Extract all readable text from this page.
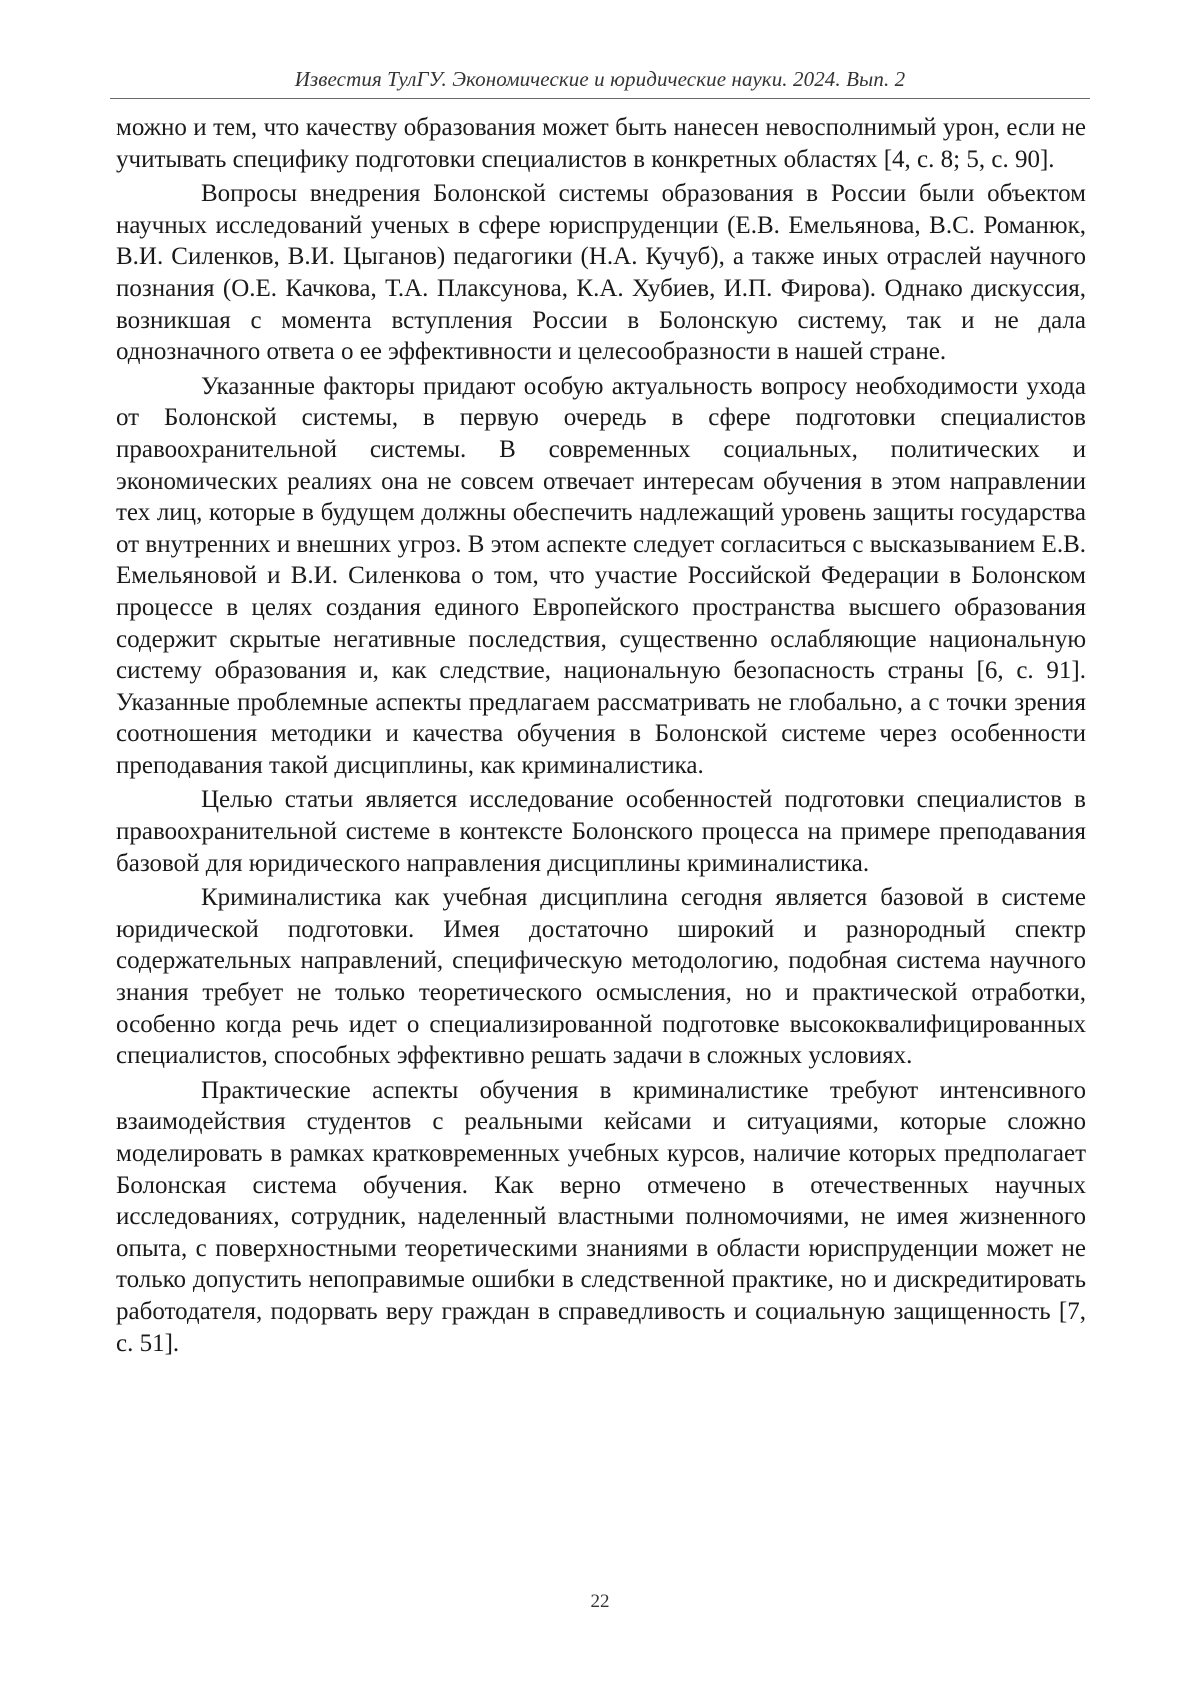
Известия ТулГУ. Экономические и юридические науки. 2024. Вып. 2

можно и тем, что качеству образования может быть нанесен невосполнимый урон, если не учитывать специфику подготовки специалистов в конкретных областях [4, с. 8; 5, с. 90].

Вопросы внедрения Болонской системы образования в России были объектом научных исследований ученых в сфере юриспруденции (Е.В. Емельянова, В.С. Романюк, В.И. Силенков, В.И. Цыганов) педагогики (Н.А. Кучуб), а также иных отраслей научного познания (О.Е. Качкова, Т.А. Плаксунова, К.А. Хубиев, И.П. Фирова). Однако дискуссия, возникшая с момента вступления России в Болонскую систему, так и не дала однозначного ответа о ее эффективности и целесообразности в нашей стране.

Указанные факторы придают особую актуальность вопросу необходимости ухода от Болонской системы, в первую очередь в сфере подготовки специалистов правоохранительной системы. В современных социальных, политических и экономических реалиях она не совсем отвечает интересам обучения в этом направлении тех лиц, которые в будущем должны обеспечить надлежащий уровень защиты государства от внутренних и внешних угроз. В этом аспекте следует согласиться с высказыванием Е.В. Емельяновой и В.И. Силенкова о том, что участие Российской Федерации в Болонском процессе в целях создания единого Европейского пространства высшего образования содержит скрытые негативные последствия, существенно ослабляющие национальную систему образования и, как следствие, национальную безопасность страны [6, с. 91]. Указанные проблемные аспекты предлагаем рассматривать не глобально, а с точки зрения соотношения методики и качества обучения в Болонской системе через особенности преподавания такой дисциплины, как криминалистика.

Целью статьи является исследование особенностей подготовки специалистов в правоохранительной системе в контексте Болонского процесса на примере преподавания базовой для юридического направления дисциплины криминалистика.

Криминалистика как учебная дисциплина сегодня является базовой в системе юридической подготовки. Имея достаточно широкий и разнородный спектр содержательных направлений, специфическую методологию, подобная система научного знания требует не только теоретического осмысления, но и практической отработки, особенно когда речь идет о специализированной подготовке высококвалифицированных специалистов, способных эффективно решать задачи в сложных условиях.

Практические аспекты обучения в криминалистике требуют интенсивного взаимодействия студентов с реальными кейсами и ситуациями, которые сложно моделировать в рамках кратковременных учебных курсов, наличие которых предполагает Болонская система обучения. Как верно отмечено в отечественных научных исследованиях, сотрудник, наделенный властными полномочиями, не имея жизненного опыта, с поверхностными теоретическими знаниями в области юриспруденции может не только допустить непоправимые ошибки в следственной практике, но и дискредитировать работодателя, подорвать веру граждан в справедливость и социальную защищенность [7, с. 51].

22
